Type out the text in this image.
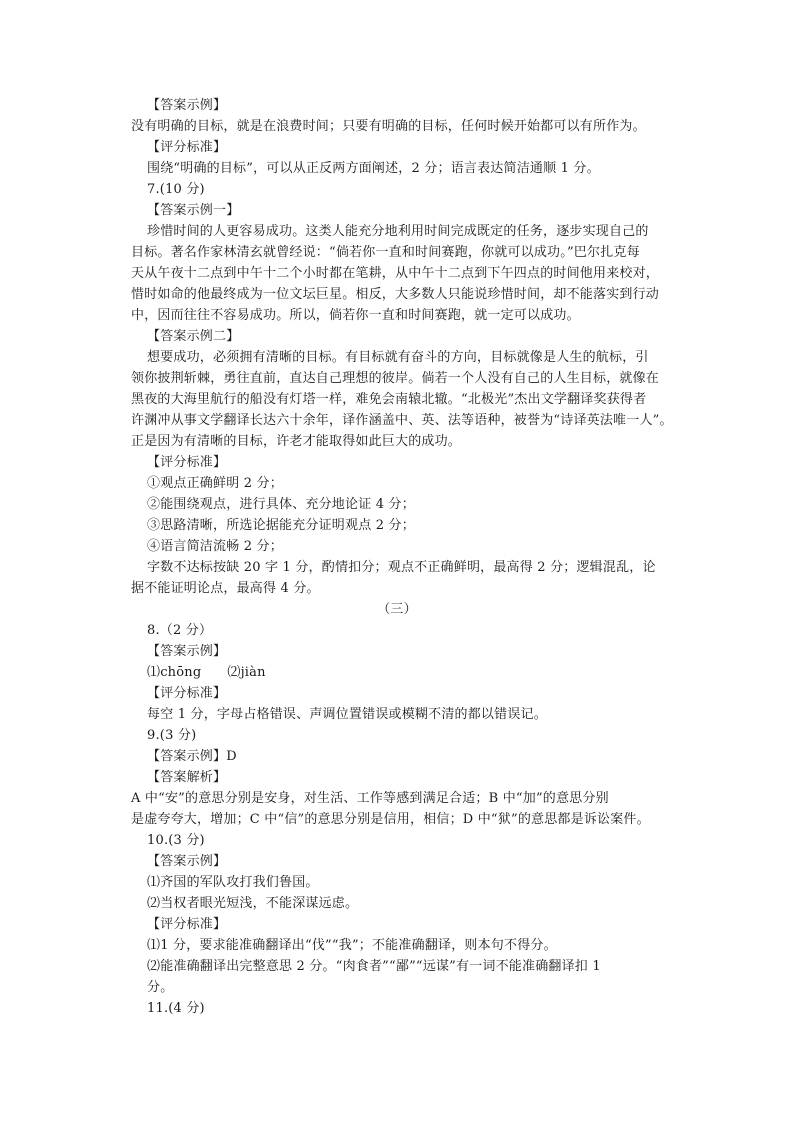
【答案示例】
没有明确的目标，就是在浪费时间；只要有明确的目标，任何时候开始都可以有所作为。
【评分标准】
围绕“明确的目标”，可以从正反两方面阐述，2 分；语言表达简洁通顺 1 分。
7.(10 分)
【答案示例一】
珍惜时间的人更容易成功。这类人能充分地利用时间完成既定的任务，逐步实现自己的
目标。著名作家林清玄就曾经说：“倘若你一直和时间赛跑，你就可以成功。”巴尔扎克每
天从午夜十二点到中午十二个小时都在笔耕，从中午十二点到下午四点的时间他用来校对，
惜时如命的他最终成为一位文坛巨星。相反，大多数人只能说珍惜时间，却不能落实到行动
中，因而往往不容易成功。所以，倘若你一直和时间赛跑，就一定可以成功。
【答案示例二】
想要成功，必须拥有清晰的目标。有目标就有奋斗的方向，目标就像是人生的航标，引
领你披荆斩棘，勇往直前，直达自己理想的彼岸。倘若一个人没有自己的人生目标，就像在
黑夜的大海里航行的船没有灯塔一样，难免会南辕北辙。“北极光”杰出文学翻译奖获得者
许渊冲从事文学翻译长达六十余年，译作涵盖中、英、法等语种，被誉为“诗译英法唯一人”。
正是因为有清晰的目标，许老才能取得如此巨大的成功。
【评分标准】
①观点正确鲜明 2 分；
②能围绕观点，进行具体、充分地论证 4 分；
③思路清晰，所选论据能充分证明观点 2 分；
④语言简洁流畅 2 分；
字数不达标按缺 20 字 1 分，酌情扣分；观点不正确鲜明，最高得 2 分；逻辑混乱，论
据不能证明论点，最高得 4 分。
（三）
8.（2 分）
【答案示例】
⑴chōng      ⑵jiàn
【评分标准】
每空 1 分，字母占格错误、声调位置错误或模糊不清的都以错误记。
9.(3 分)
【答案示例】D
【答案解析】
A 中“安”的意思分别是安身，对生活、工作等感到满足合适；B 中“加”的意思分别
是虚夸夸大，增加；C 中“信”的意思分别是信用，相信；D 中“狱”的意思都是诉讼案件。
10.(3 分)
【答案示例】
⑴齐国的军队攻打我们鲁国。
⑵当权者眼光短浅，不能深谋远虑。
【评分标准】
⑴1 分，要求能准确翻译出“伐”“我”；不能准确翻译，则本句不得分。
⑵能准确翻译出完整意思 2 分。“肉食者”“鄙”“远谋”有一词不能准确翻译扣 1
分。
11.(4 分)
